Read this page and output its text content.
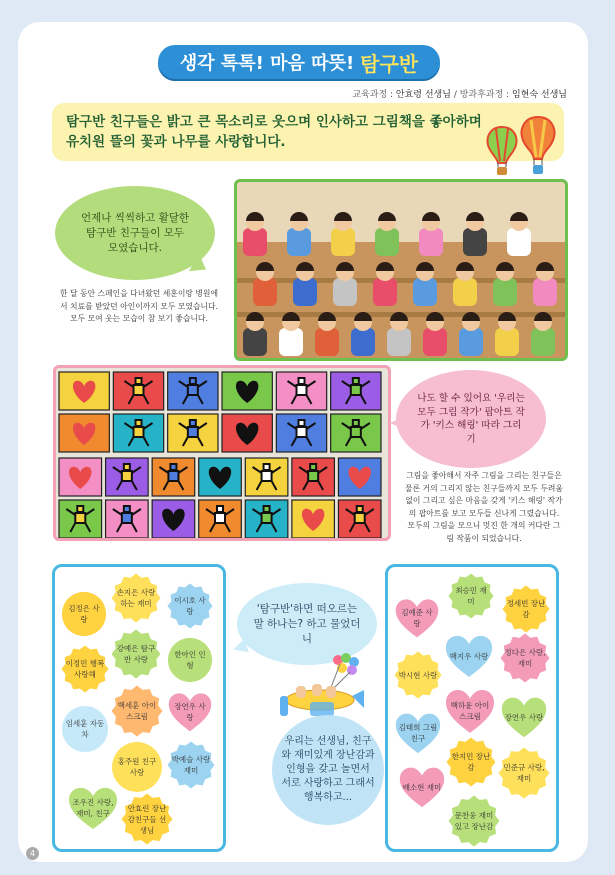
생각 톡톡! 마음 따뜻! 탐구반
교육과정 : 안효령 선생님 / 방과후과정 : 임현숙 선생님
탐구반 친구들은 밝고 큰 목소리로 웃으며 인사하고 그림책을 좋아하며
유치원 뜰의 꽃과 나무를 사랑합니다.
언제나 씩씩하고 활달한 탐구반 친구들이 모두 모였습니다.
한 달 동안 스페인을 다녀왔던 세훈이랑 병원에서 치료를 받았던 아인이까지 모두 모였습니다. 모두 모여 웃는 모습이 참 보기 좋습니다.
나도 할 수 있어요 '우리는 모두 그림 작가' 팝아트 작가 '키스 해링' 따라 그리기
그림을 좋아해서 자주 그림을 그리는 친구들은 물론 거의 그리지 않는 친구들까지 모두 두려움 없이 그리고 싶은 마음을 갖게 '키스 해링' 작가의 팝아트를 보고 모두들 신나게 그렸습니다. 모두의 그림을 모으니 멋진 한 개의 커다란 그림 작품이 되었습니다.
김정은 사랑
손지은 사랑하는 재미	이시호 사랑
강예은 탐구반 사랑
이정민 행복 사랑해
한아인 인형
백세훈 아이스크림
임세훈 자동차
장연우 사랑
홍주원 친구사랑
박예슬 사랑 재미
조우진 사랑,재미, 친구
안효린 장난감친구들 선생님
김예준 사랑
최승민 재미	정세빈 장난감
백지우 사랑
박시현 사랑
정다은 사랑,재미
백하윤 아이스크림
김태희 그림친구
장연우 사랑
한지민 장난감
배소현 재미
민준규 사랑,재미
문찬웅 재미있고 장난감
'탐구반'하면 떠오르는 말 하나는? 하고 물었더니
우리는 선생님, 친구와 재미있게 장난감과 인형을 갖고 놀면서 서로 사랑하고 그래서 행복하고...
4
